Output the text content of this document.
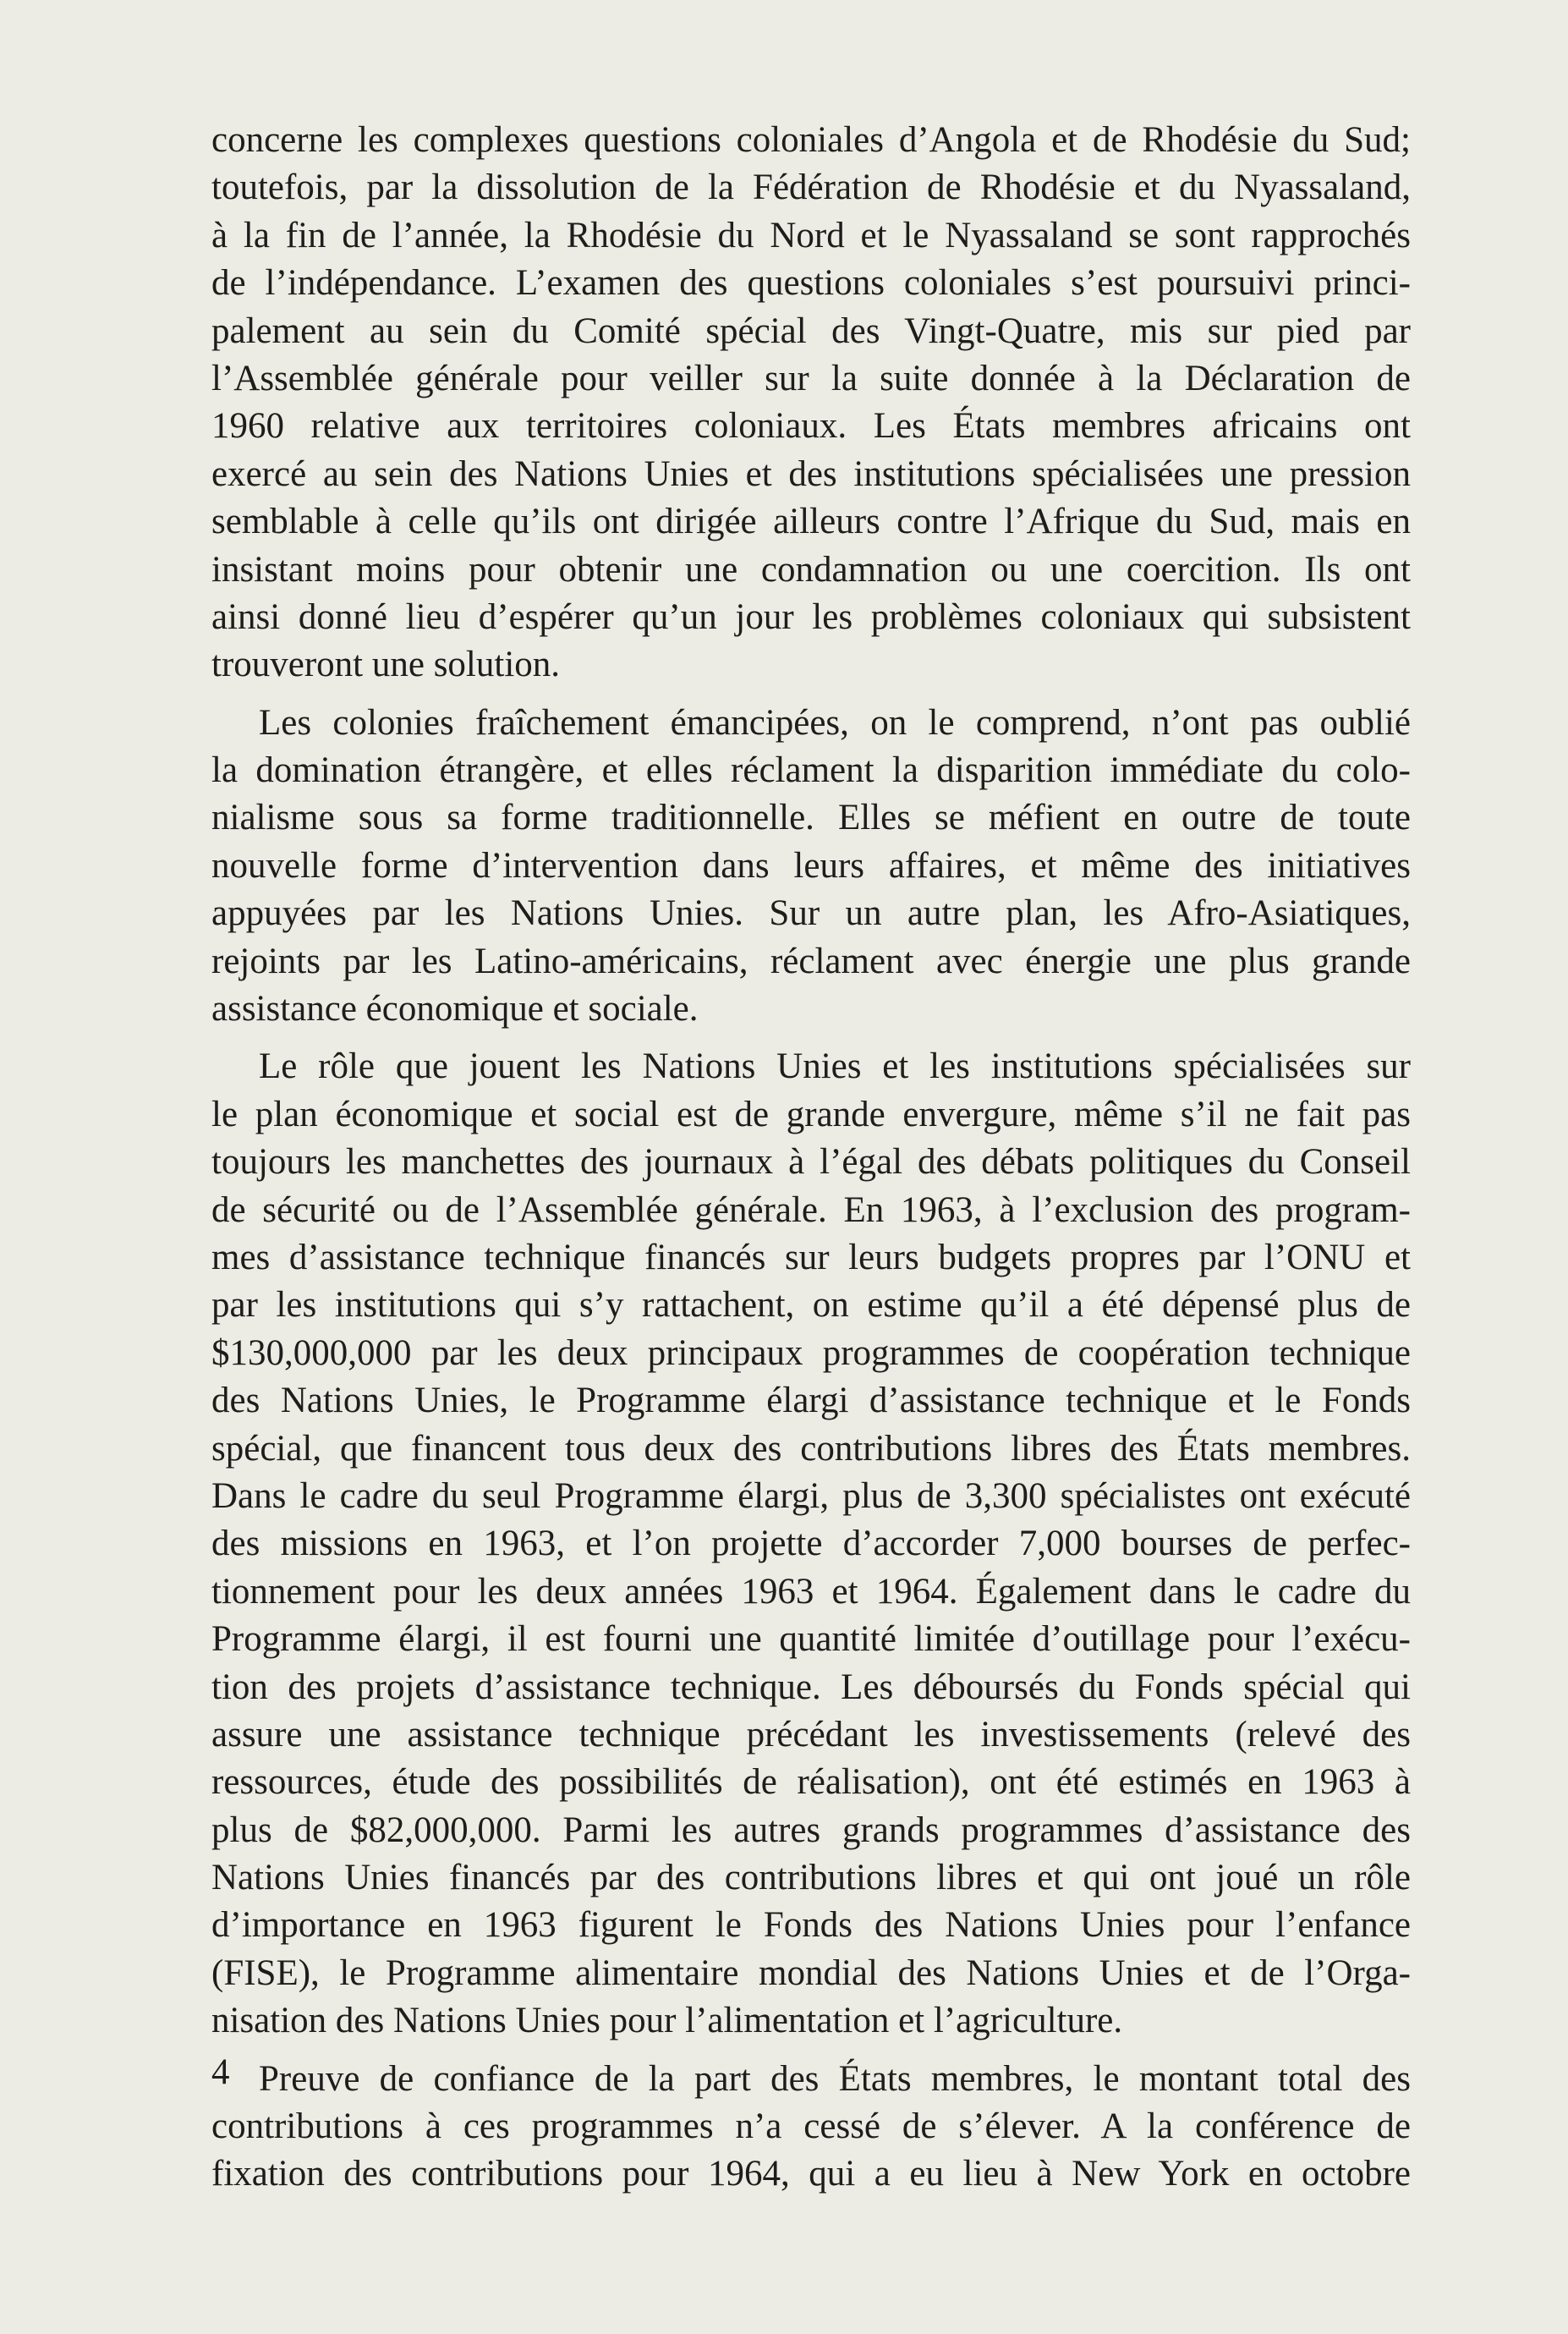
concerne les complexes questions coloniales d’Angola et de Rhodésie du Sud;
toutefois, par la dissolution de la Fédération de Rhodésie et du Nyassaland,
à la fin de l’année, la Rhodésie du Nord et le Nyassaland se sont rapprochés
de l’indépendance. L’examen des questions coloniales s’est poursuivi princi-
palement au sein du Comité spécial des Vingt-Quatre, mis sur pied par
l’Assemblée générale pour veiller sur la suite donnée à la Déclaration de
1960 relative aux territoires coloniaux. Les États membres africains ont
exercé au sein des Nations Unies et des institutions spécialisées une pression
semblable à celle qu’ils ont dirigée ailleurs contre l’Afrique du Sud, mais en
insistant moins pour obtenir une condamnation ou une coercition. Ils ont
ainsi donné lieu d’espérer qu’un jour les problèmes coloniaux qui subsistent
trouveront une solution.
Les colonies fraîchement émancipées, on le comprend, n’ont pas oublié
la domination étrangère, et elles réclament la disparition immédiate du colo-
nialisme sous sa forme traditionnelle. Elles se méfient en outre de toute
nouvelle forme d’intervention dans leurs affaires, et même des initiatives
appuyées par les Nations Unies. Sur un autre plan, les Afro-Asiatiques,
rejoints par les Latino-américains, réclament avec énergie une plus grande
assistance économique et sociale.
Le rôle que jouent les Nations Unies et les institutions spécialisées sur
le plan économique et social est de grande envergure, même s’il ne fait pas
toujours les manchettes des journaux à l’égal des débats politiques du Conseil
de sécurité ou de l’Assemblée générale. En 1963, à l’exclusion des program-
mes d’assistance technique financés sur leurs budgets propres par l’ONU et
par les institutions qui s’y rattachent, on estime qu’il a été dépensé plus de
$130,000,000 par les deux principaux programmes de coopération technique
des Nations Unies, le Programme élargi d’assistance technique et le Fonds
spécial, que financent tous deux des contributions libres des États membres.
Dans le cadre du seul Programme élargi, plus de 3,300 spécialistes ont exécuté
des missions en 1963, et l’on projette d’accorder 7,000 bourses de perfec-
tionnement pour les deux années 1963 et 1964. Également dans le cadre du
Programme élargi, il est fourni une quantité limitée d’outillage pour l’exécu-
tion des projets d’assistance technique. Les déboursés du Fonds spécial qui
assure une assistance technique précédant les investissements (relevé des
ressources, étude des possibilités de réalisation), ont été estimés en 1963 à
plus de $82,000,000. Parmi les autres grands programmes d’assistance des
Nations Unies financés par des contributions libres et qui ont joué un rôle
d’importance en 1963 figurent le Fonds des Nations Unies pour l’enfance
(FISE), le Programme alimentaire mondial des Nations Unies et de l’Orga-
nisation des Nations Unies pour l’alimentation et l’agriculture.
Preuve de confiance de la part des États membres, le montant total des
contributions à ces programmes n’a cessé de s’élever. A la conférence de
fixation des contributions pour 1964, qui a eu lieu à New York en octobre
4
